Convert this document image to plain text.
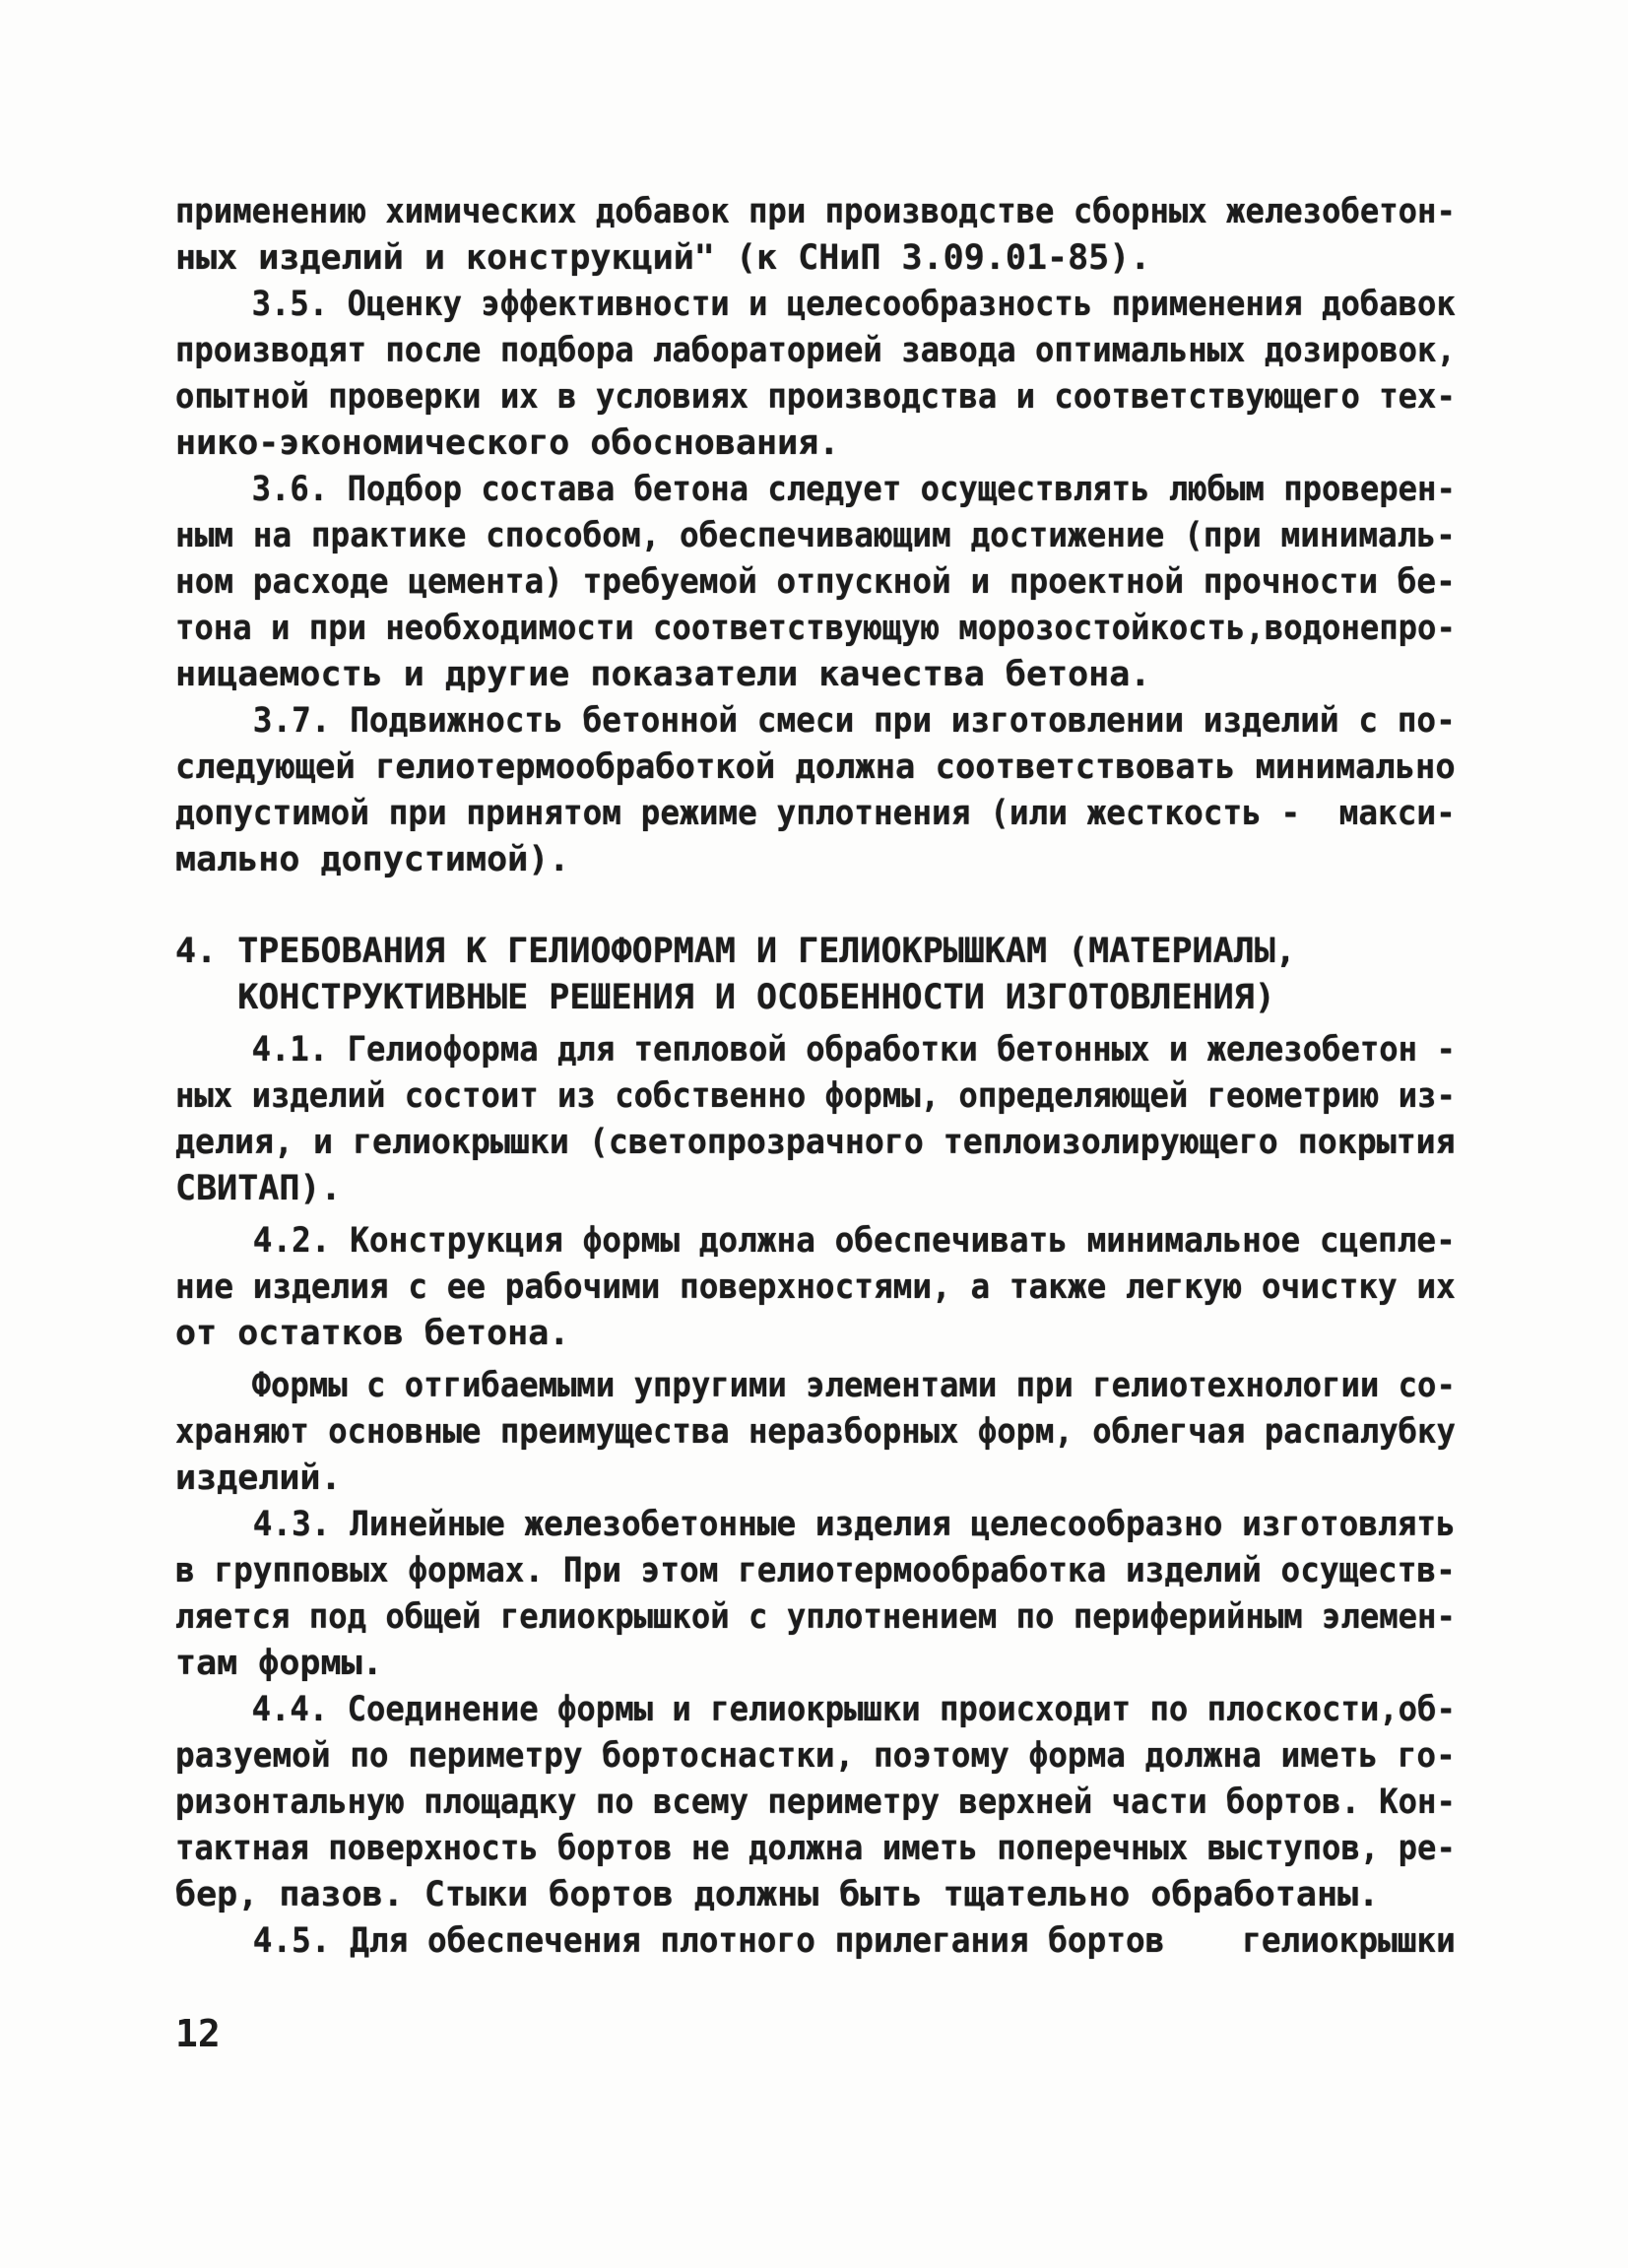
применению химических добавок при производстве сборных железобетон-
ных изделий и конструкций" (к СНиП 3.09.01-85).
3.5. Оценку эффективности и целесообразность применения добавок
производят после подбора лабораторией завода оптимальных дозировок,
опытной проверки их в условиях производства и соответствующего тех-
нико-экономического обоснования.
3.6. Подбор состава бетона следует осуществлять любым проверен-
ным на практике способом, обеспечивающим достижение (при минималь-
ном расходе цемента) требуемой отпускной и проектной прочности бе-
тона и при необходимости соответствующую морозостойкость,водонепро-
ницаемость и другие показатели качества бетона.
3.7. Подвижность бетонной смеси при изготовлении изделий с по-
следующей гелиотермообработкой должна соответствовать минимально
допустимой при принятом режиме уплотнения (или жесткость -  макси-
мально допустимой).
4. ТРЕБОВАНИЯ К ГЕЛИОФОРМАМ И ГЕЛИОКРЫШКАМ (МАТЕРИАЛЫ,
КОНСТРУКТИВНЫЕ РЕШЕНИЯ И ОСОБЕННОСТИ ИЗГОТОВЛЕНИЯ)
4.1. Гелиоформа для тепловой обработки бетонных и железобетон -
ных изделий состоит из собственно формы, определяющей геометрию из-
делия, и гелиокрышки (светопрозрачного теплоизолирующего покрытия
СВИТАП).
4.2. Конструкция формы должна обеспечивать минимальное сцепле-
ние изделия с ее рабочими поверхностями, а также легкую очистку их
от остатков бетона.
Формы с отгибаемыми упругими элементами при гелиотехнологии со-
храняют основные преимущества неразборных форм, облегчая распалубку
изделий.
4.3. Линейные железобетонные изделия целесообразно изготовлять
в групповых формах. При этом гелиотермообработка изделий осуществ-
ляется под общей гелиокрышкой с уплотнением по периферийным элемен-
там формы.
4.4. Соединение формы и гелиокрышки происходит по плоскости,об-
разуемой по периметру бортоснастки, поэтому форма должна иметь го-
ризонтальную площадку по всему периметру верхней части бортов. Кон-
тактная поверхность бортов не должна иметь поперечных выступов, ре-
бер, пазов. Стыки бортов должны быть тщательно обработаны.
4.5. Для обеспечения плотного прилегания бортов    гелиокрышки
12
